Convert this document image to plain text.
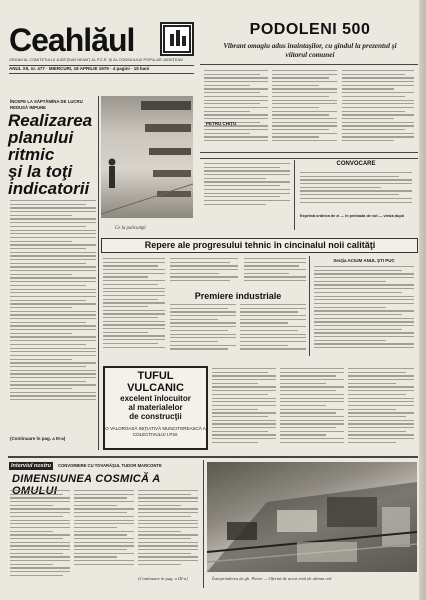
Ceahlăul
ORGAN AL COMITETULUI JUDEŢEAN NEAMŢ AL P.C.R. ŞI AL CONSILIULUI POPULAR JUDEŢEAN
ANUL XII, nr. 477 · MIERCURI, 18 APRILIE 1979 · 4 pagini · 15 bani
PODOLENI 500
Vibrant omagiu adus înaintaşilor, cu gîndul la prezentul şi viitorul comunei
PETRU CHIŢU
ÎNCEPE LA SĂPTĂMÎNA DE LUCRU REDUSĂ IMPUNE
Realizarea
planului
ritmic
şi la toţi
indicatorii
Ce la policompl
CONVOCARE
Exprimă ordinea de zi — în perioada de vot — vîrsta după
Repere ale progresului tehnic în cincinalul noii calităţi
Premiere industriale
Secţia ACIUM ANUL ŞTI PUC
TUFUL
VULCANIC
excelent înlocuitor
al materialelor
de construcţii
O VALOROASĂ INIŢIATIVĂ MUNCITOREASCĂ A COLECTIVULUI I.P.M.
(Continuare în pag. a III-a)
Interviul nostru	CONVORBIRE CU TOVARĂŞUL TUDOR MARCONTE
DIMENSIUNEA COSMICĂ A
(Continuare în pag. a III-a)	Întreprinderea de gh. Pietre — Oferită de acest trial de ultima oră
